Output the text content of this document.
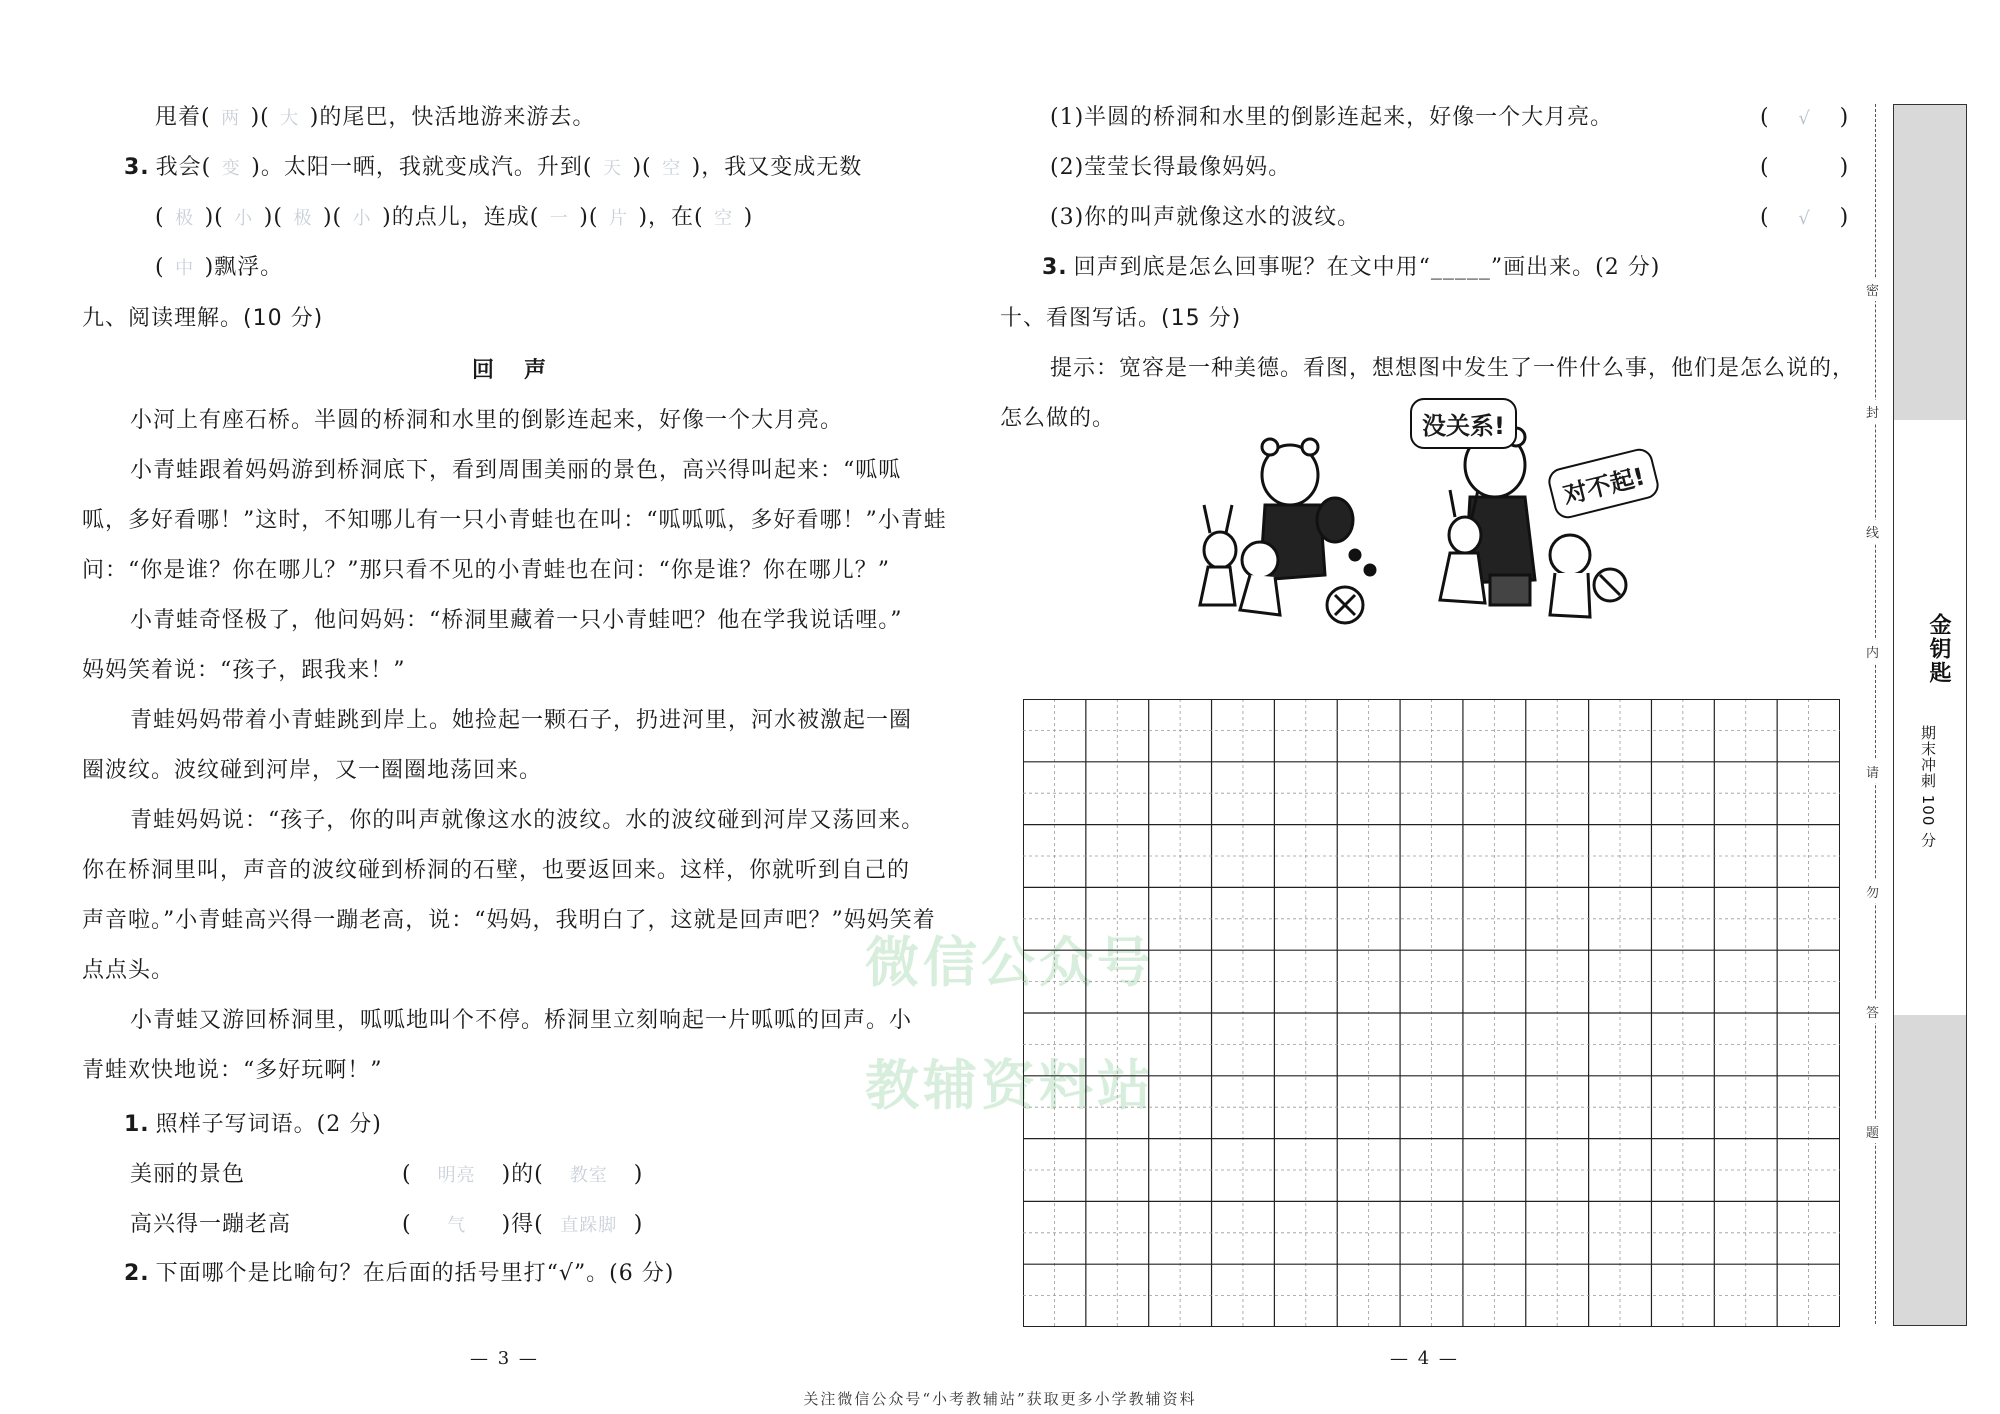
微信公众号
教辅资料站
甩着( 两 )( 大 )的尾巴，快活地游来游去。
3. 我会( 变 )。太阳一晒，我就变成汽。升到( 天 )( 空 )，我又变成无数
( 极 )( 小 )( 极 )( 小 )的点儿，连成( 一 )( 片 )，在( 空 )
( 中 )飘浮。
九、阅读理解。(10 分)
回　声
小河上有座石桥。半圆的桥洞和水里的倒影连起来，好像一个大月亮。
小青蛙跟着妈妈游到桥洞底下，看到周围美丽的景色，高兴得叫起来：“呱呱
呱，多好看哪！”这时，不知哪儿有一只小青蛙也在叫：“呱呱呱，多好看哪！”小青蛙
问：“你是谁？你在哪儿？”那只看不见的小青蛙也在问：“你是谁？你在哪儿？”
小青蛙奇怪极了，他问妈妈：“桥洞里藏着一只小青蛙吧？他在学我说话哩。”
妈妈笑着说：“孩子，跟我来！”
青蛙妈妈带着小青蛙跳到岸上。她捡起一颗石子，扔进河里，河水被激起一圈
圈波纹。波纹碰到河岸，又一圈圈地荡回来。
青蛙妈妈说：“孩子，你的叫声就像这水的波纹。水的波纹碰到河岸又荡回来。
你在桥洞里叫，声音的波纹碰到桥洞的石壁，也要返回来。这样，你就听到自己的
声音啦。”小青蛙高兴得一蹦老高，说：“妈妈，我明白了，这就是回声吧？”妈妈笑着
点点头。
小青蛙又游回桥洞里，呱呱地叫个不停。桥洞里立刻响起一片呱呱的回声。小
青蛙欢快地说：“多好玩啊！”
1. 照样子写词语。(2 分)
美丽的景色	( 明亮 )的( 教室 )
高兴得一蹦老高	( 气 )得( 直跺脚 )
2. 下面哪个是比喻句？在后面的括号里打“√”。(6 分)
— 3 —
(1)半圆的桥洞和水里的倒影连起来，好像一个大月亮。	( √ )
(2)莹莹长得最像妈妈。	(	)
(3)你的叫声就像这水的波纹。	( √ )
3. 回声到底是怎么回事呢？在文中用“_____”画出来。(2 分)
十、看图写话。(15 分)
提示：宽容是一种美德。看图，想想图中发生了一件什么事，他们是怎么说的，
怎么做的。	没关系!
对不起!
— 4 —
密
封
线
内
请
勿
答
题
金钥匙
期末冲刺 100 分
关注微信公众号“小考教辅站”获取更多小学教辅资料
